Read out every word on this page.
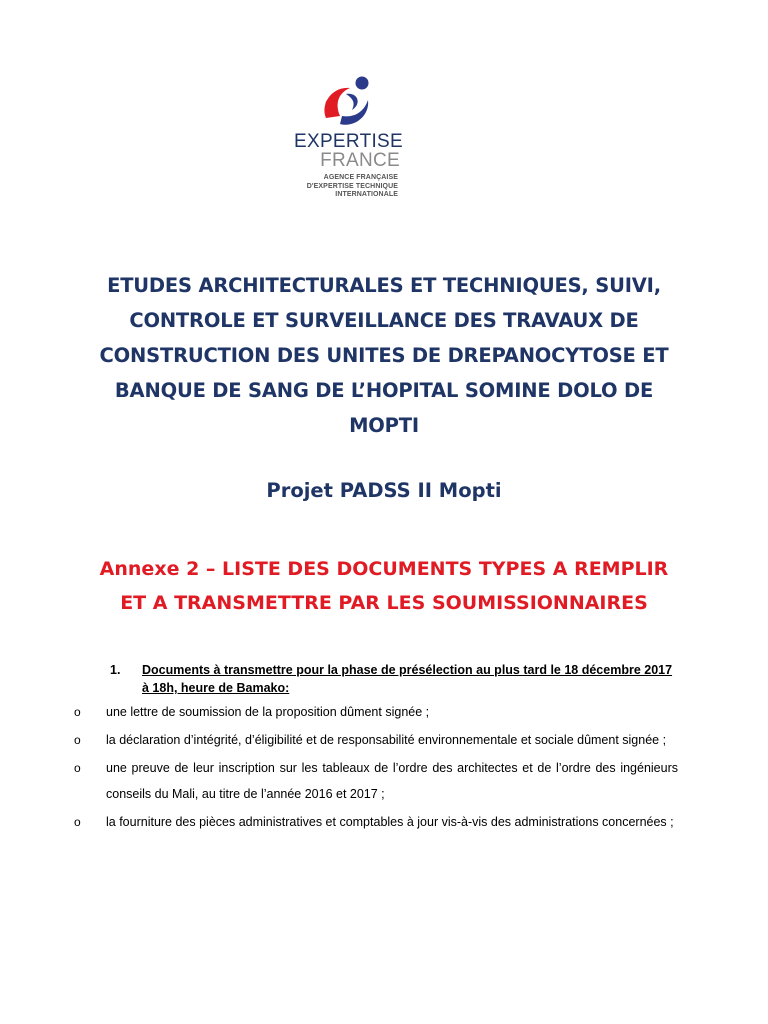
EXPERTISE
FRANCE
AGENCE FRANÇAISE
D'EXPERTISE TECHNIQUE
INTERNATIONALE
ETUDES ARCHITECTURALES ET TECHNIQUES, SUIVI,
CONTROLE ET SURVEILLANCE DES TRAVAUX DE
CONSTRUCTION DES UNITES DE DREPANOCYTOSE ET
BANQUE DE SANG DE L’HOPITAL SOMINE DOLO DE
MOPTI
Projet PADSS II Mopti
Annexe 2 – LISTE DES DOCUMENTS TYPES A REMPLIR
ET A TRANSMETTRE PAR LES SOUMISSIONNAIRES
1.	Documents à transmettre pour la phase de présélection au plus tard le 18 décembre 2017 à 18h, heure de Bamako:
o	une lettre de soumission de la proposition dûment signée ;
o	la déclaration d’intégrité, d’éligibilité et de responsabilité environnementale et sociale dûment signée ;
o	une preuve de leur inscription sur les tableaux de l’ordre des architectes et de l’ordre des ingénieurs conseils du Mali, au titre de l’année 2016 et 2017 ;
o	la fourniture des pièces administratives et comptables à jour vis-à-vis des administrations concernées ;
